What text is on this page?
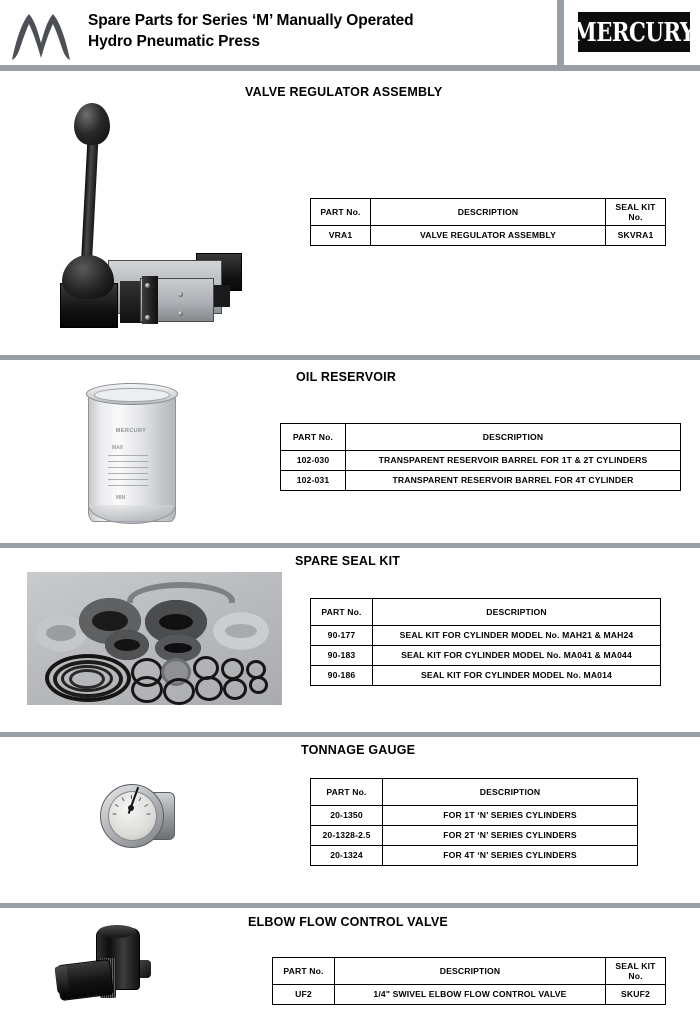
Spare Parts for Series ‘M’ Manually Operated
Hydro Pneumatic Press	MERCURY
VALVE REGULATOR ASSEMBLY
PART No.	DESCRIPTION	SEAL KIT
No.

VRA1	VALVE REGULATOR ASSEMBLY	SKVRA1
OIL RESERVOIR
MERCURY
MAX
MIN
PART No.	DESCRIPTION
102-030	TRANSPARENT RESERVOIR BARREL FOR 1T & 2T CYLINDERS
102-031	TRANSPARENT RESERVOIR BARREL FOR 4T CYLINDER
SPARE SEAL KIT
PART No.	DESCRIPTION
90-177	SEAL KIT FOR CYLINDER MODEL No. MAH21 & MAH24
90-183	SEAL KIT FOR CYLINDER MODEL No. MA041 & MA044
90-186	SEAL KIT FOR CYLINDER MODEL No. MA014
TONNAGE GAUGE
PART No.	DESCRIPTION
20-1350	FOR 1T ‘N’ SERIES CYLINDERS
20-1328-2.5	FOR 2T ‘N’ SERIES CYLINDERS
20-1324	FOR 4T ‘N’ SERIES CYLINDERS
ELBOW FLOW CONTROL VALVE
PART No.	DESCRIPTION	SEAL KIT
No.

UF2	1/4" SWIVEL ELBOW FLOW CONTROL VALVE	SKUF2
